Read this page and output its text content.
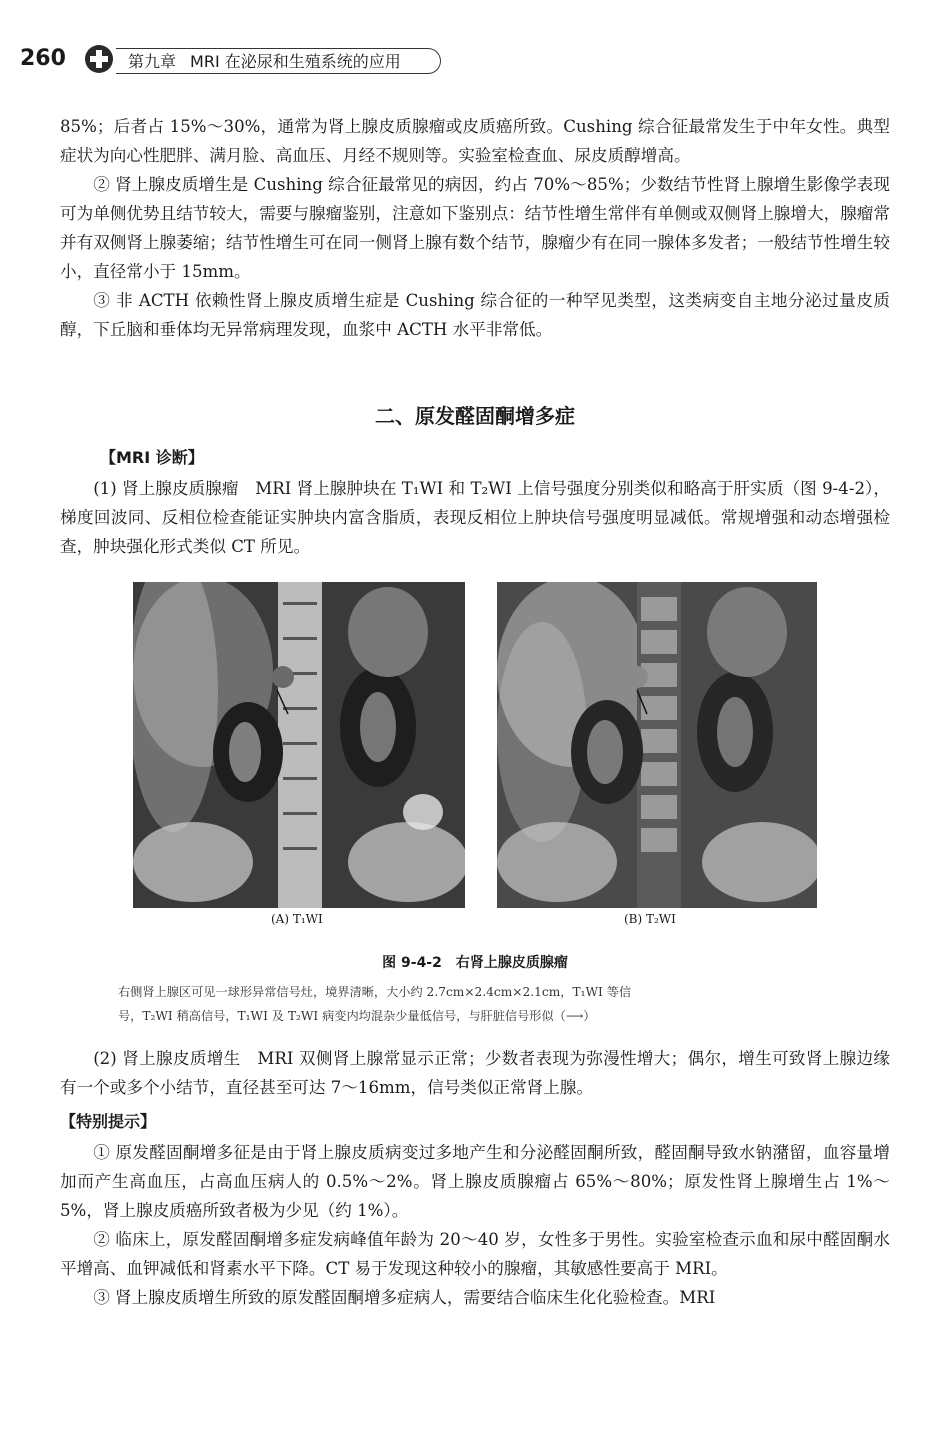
260	第九章 MRI 在泌尿和生殖系统的应用

85%；后者占 15%～30%，通常为肾上腺皮质腺瘤或皮质癌所致。Cushing 综合征最常发生于中年女性。典型症状为向心性肥胖、满月脸、高血压、月经不规则等。实验室检查血、尿皮质醇增高。

② 肾上腺皮质增生是 Cushing 综合征最常见的病因，约占 70%～85%；少数结节性肾上腺增生影像学表现可为单侧优势且结节较大，需要与腺瘤鉴别，注意如下鉴别点：结节性增生常伴有单侧或双侧肾上腺增大，腺瘤常并有双侧肾上腺萎缩；结节性增生可在同一侧肾上腺有数个结节，腺瘤少有在同一腺体多发者；一般结节性增生较小，直径常小于 15mm。

③ 非 ACTH 依赖性肾上腺皮质增生症是 Cushing 综合征的一种罕见类型，这类病变自主地分泌过量皮质醇，下丘脑和垂体均无异常病理发现，血浆中 ACTH 水平非常低。

二、原发醛固酮增多症
【MRI 诊断】

(1) 肾上腺皮质腺瘤　MRI 肾上腺肿块在 T₁WI 和 T₂WI 上信号强度分别类似和略高于肝实质（图 9-4-2），梯度回波同、反相位检查能证实肿块内富含脂质，表现反相位上肿块信号强度明显减低。常规增强和动态增强检查，肿块强化形式类似 CT 所见。

(A) T₁WI	(B) T₂WI
图 9-4-2　右肾上腺皮质腺瘤
右侧肾上腺区可见一球形异常信号灶，境界清晰，大小约 2.7cm×2.4cm×2.1cm，T₁WI 等信
号，T₂WI 稍高信号，T₁WI 及 T₂WI 病变内均混杂少量低信号，与肝脏信号形似（⟶）

(2) 肾上腺皮质增生　MRI 双侧肾上腺常显示正常；少数者表现为弥漫性增大；偶尔，增生可致肾上腺边缘有一个或多个小结节，直径甚至可达 7～16mm，信号类似正常肾上腺。

【特别提示】

① 原发醛固酮增多征是由于肾上腺皮质病变过多地产生和分泌醛固酮所致，醛固酮导致水钠潴留，血容量增加而产生高血压，占高血压病人的 0.5%～2%。肾上腺皮质腺瘤占 65%～80%；原发性肾上腺增生占 1%～5%，肾上腺皮质癌所致者极为少见（约 1%）。

② 临床上，原发醛固酮增多症发病峰值年龄为 20～40 岁，女性多于男性。实验室检查示血和尿中醛固酮水平增高、血钾减低和肾素水平下降。CT 易于发现这种较小的腺瘤，其敏感性要高于 MRI。

③ 肾上腺皮质增生所致的原发醛固酮增多症病人，需要结合临床生化化验检查。MRI
